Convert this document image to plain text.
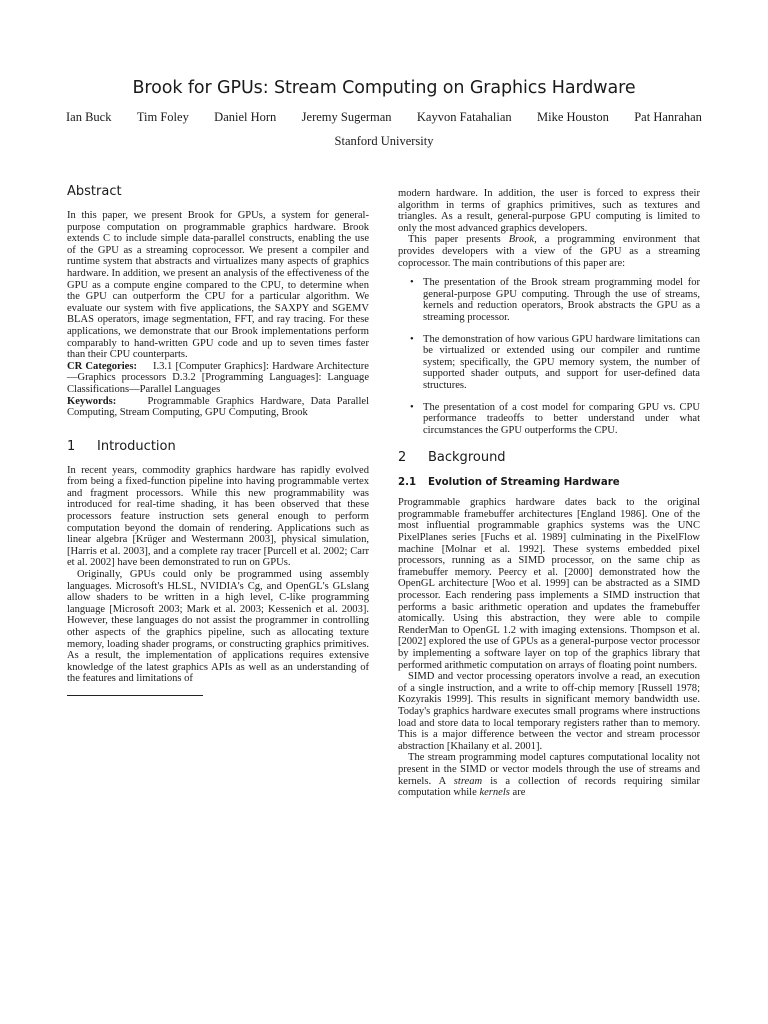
Brook for GPUs: Stream Computing on Graphics Hardware
Ian Buck Tim Foley Daniel Horn Jeremy Sugerman Kayvon Fatahalian Mike Houston Pat Hanrahan
Stanford University
Abstract

In this paper, we present Brook for GPUs, a system for general-purpose computation on programmable graphics hardware. Brook extends C to include simple data-parallel constructs, enabling the use of the GPU as a streaming coprocessor. We present a compiler and runtime system that abstracts and virtualizes many aspects of graphics hardware. In addition, we present an analysis of the effectiveness of the GPU as a compute engine compared to the CPU, to determine when the GPU can outperform the CPU for a particular algorithm. We evaluate our system with five applications, the SAXPY and SGEMV BLAS operators, image segmentation, FFT, and ray tracing. For these applications, we demonstrate that our Brook implementations perform comparably to hand-written GPU code and up to seven times faster than their CPU counterparts.

CR Categories: I.3.1 [Computer Graphics]: Hardware Architecture—Graphics processors D.3.2 [Programming Languages]: Language Classifications—Parallel Languages

Keywords:	Programmable Graphics Hardware, Data Parallel Computing, Stream Computing, GPU Computing, Brook

1 Introduction

In recent years, commodity graphics hardware has rapidly evolved from being a fixed-function pipeline into having programmable vertex and fragment processors. While this new programmability was introduced for real-time shading, it has been observed that these processors feature instruction sets general enough to perform computation beyond the domain of rendering. Applications such as linear algebra [Krüger and Westermann 2003], physical simulation, [Harris et al. 2003], and a complete ray tracer [Purcell et al. 2002; Carr et al. 2002] have been demonstrated to run on GPUs.

Originally, GPUs could only be programmed using assembly languages. Microsoft's HLSL, NVIDIA's Cg, and OpenGL's GLslang allow shaders to be written in a high level, C-like programming language [Microsoft 2003; Mark et al. 2003; Kessenich et al. 2003]. However, these languages do not assist the programmer in controlling other aspects of the graphics pipeline, such as allocating texture memory, loading shader programs, or constructing graphics primitives. As a result, the implementation of applications requires extensive knowledge of the latest graphics APIs as well as an understanding of the features and limitations of

modern hardware. In addition, the user is forced to express their algorithm in terms of graphics primitives, such as textures and triangles. As a result, general-purpose GPU computing is limited to only the most advanced graphics developers.

This paper presents Brook, a programming environment that provides developers with a view of the GPU as a streaming coprocessor. The main contributions of this paper are:

• The presentation of the Brook stream programming model for general-purpose GPU computing. Through the use of streams, kernels and reduction operators, Brook abstracts the GPU as a streaming processor.
• The demonstration of how various GPU hardware limitations can be virtualized or extended using our compiler and runtime system; specifically, the GPU memory system, the number of supported shader outputs, and support for user-defined data structures.
• The presentation of a cost model for comparing GPU vs. CPU performance tradeoffs to better understand under what circumstances the GPU outperforms the CPU.
2 Background
2.1 Evolution of Streaming Hardware

Programmable graphics hardware dates back to the original programmable framebuffer architectures [England 1986]. One of the most influential programmable graphics systems was the UNC PixelPlanes series [Fuchs et al. 1989] culminating in the PixelFlow machine [Molnar et al. 1992]. These systems embedded pixel processors, running as a SIMD processor, on the same chip as framebuffer memory. Peercy et al. [2000] demonstrated how the OpenGL architecture [Woo et al. 1999] can be abstracted as a SIMD processor. Each rendering pass implements a SIMD instruction that performs a basic arithmetic operation and updates the framebuffer atomically. Using this abstraction, they were able to compile RenderMan to OpenGL 1.2 with imaging extensions. Thompson et al. [2002] explored the use of GPUs as a general-purpose vector processor by implementing a software layer on top of the graphics library that performed arithmetic computation on arrays of floating point numbers.

SIMD and vector processing operators involve a read, an execution of a single instruction, and a write to off-chip memory [Russell 1978; Kozyrakis 1999]. This results in significant memory bandwidth use. Today's graphics hardware executes small programs where instructions load and store data to local temporary registers rather than to memory. This is a major difference between the vector and stream processor abstraction [Khailany et al. 2001].

The stream programming model captures computational locality not present in the SIMD or vector models through the use of streams and kernels. A stream is a collection of records requiring similar computation while kernels are
